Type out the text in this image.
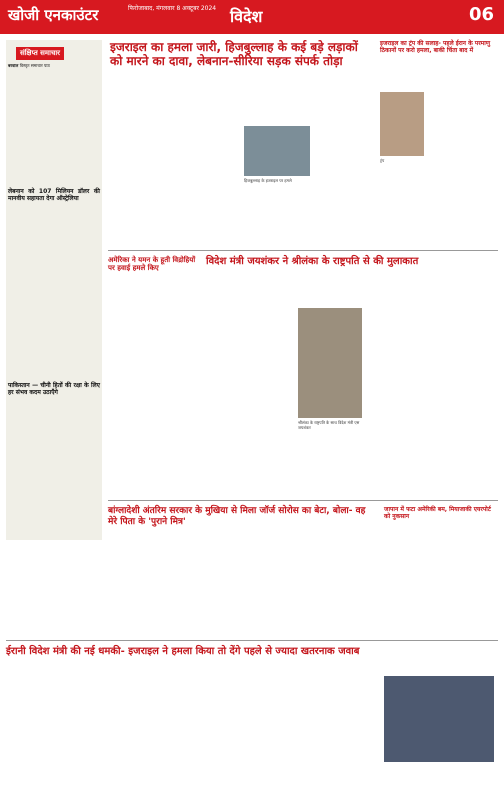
खोजी एनकाउंटर	फिरोजाबाद, मंगलवार 8 अक्टूबर 2024 विदेश	06
संक्षिप्त समाचार
बरवाल विस्तृत समाचार पाठ
लेबनान को 107 मिलियन डॉलर की मानवीय सहायता देगा ऑस्ट्रेलिया
पाकिस्तान — चीनी हितों की रक्षा के लिए हर संभव कदम उठाएँगे
इजराइल का हमला जारी, हिजबुल्लाह के कई बड़े लड़ाकों को मारने का दावा, लेबनान-सीरिया सड़क संपर्क तोड़ा
हिजबुल्लाह के इजराइल पर हमले
इजराइल का ट्रंप की सलाह- पहले ईरान के परमाणु ठिकानों पर करो हमला, बाकी चिंता बाद में
ट्रंप
अमेरिका ने यमन के हूती विद्रोहियों पर हवाई हमले किए
विदेश मंत्री जयशंकर ने श्रीलंका के राष्ट्रपति से की मुलाकात
श्रीलंका के राष्ट्रपति के साथ विदेश मंत्री एस जयशंकर
बांग्लादेशी अंतरिम सरकार के मुखिया से मिला जॉर्ज सोरोस का बेटा, बोला- वह मेरे पिता के 'पुराने मित्र'
जापान में फटा अमेरिकी बम, मियाजाकी एयरपोर्ट को नुकसान
ईरानी विदेश मंत्री की नई धमकी- इजराइल ने हमला किया तो देंगे पहले से ज्यादा खतरनाक जवाब
